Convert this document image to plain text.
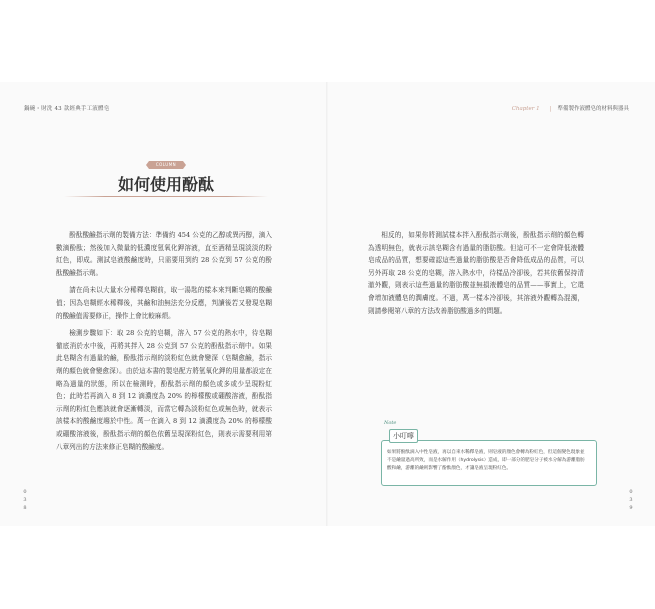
鍋碗・財洗 43 款經典手工液體皂	Chapter 1 | 準備製作液體皂的材料與器具
COLUMN
如何使用酚酞

酚酞酸鹼指示劑的製備方法：準備約 454 公克的乙醇或異丙醇，滴入數滴酚酞；然後加入微量的低濃度氫氧化鉀溶液，直至酒精呈現淡淡的粉紅色，即成。測試皂液酸鹼度時，只需要用到約 28 公克到 57 公克的酚酞酸鹼指示劑。

請在尚未以大量水分稀釋皂糊前，取一湯匙的樣本來判斷皂糊的酸鹼值；因為皂糊經水稀釋後，其鹼和油無法充分反應，判讀後若又發現皂糊的酸鹼值需要修正，操作上會比較麻煩。

檢測步驟如下：取 28 公克的皂糊，溶入 57 公克的熱水中，待皂糊徹底消於水中後，再將其拌入 28 公克到 57 公克的酚酞指示劑中。如果此皂糊含有過量的鹼，酚酞指示劑的淡粉紅色就會變深（皂糊愈鹼，指示劑的顏色就會變愈深）。由於這本書的製皂配方將氫氧化鉀的用量都設定在略為過量的狀態，所以在檢測時，酚酞指示劑的顏色或多或少呈現粉紅色；此時若再滴入 8 到 12 滴濃度為 20% 的檸檬酸或硼酸溶液，酚酞指示劑的粉紅色應該就會逐漸轉淡，而當它轉為淡粉紅色或無色時，就表示該樣本的酸鹼度趨於中性。萬一在滴入 8 到 12 滴濃度為 20% 的檸檬酸或硼酸溶液後，酚酞指示劑的顏色依舊呈現深粉紅色，則表示需要利用第八章列出的方法來修正皂糊的酸鹼度。

相反的，如果你將測試樣本拌入酚酞指示劑後，酚酞指示劑的顏色轉為透明無色，就表示該皂糊含有過量的脂肪酸。但這可不一定會降低液體皂成品的品質，想要確認這些過量的脂肪酸是否會降低成品的品質，可以另外再取 28 公克的皂糊，溶入熱水中，待樣品冷卻後，若其依舊保持清澈外觀，則表示這些過量的脂肪酸並無損液體皂的品質——事實上，它還會增加液體皂的潤膚度。不過，萬一樣本冷卻後，其溶液外觀轉為混濁，則請參閱第八章的方法改善脂肪酸過多的問題。

Note
小叮嚀
如果將酚酞滴入中性皂液，再以自來水稀釋皂液，則皂液的顏色會轉為粉紅色，但這個變色現象並不是鹼量過高所致，而是水解作用（hydrolysis）造成，即一部分的肥皂分子被水分解為游離脂肪酸和鹼，游離的鹼則影響了酚酞顏色，才讓皂液呈現粉紅色。
0
3
8
0
3
9
